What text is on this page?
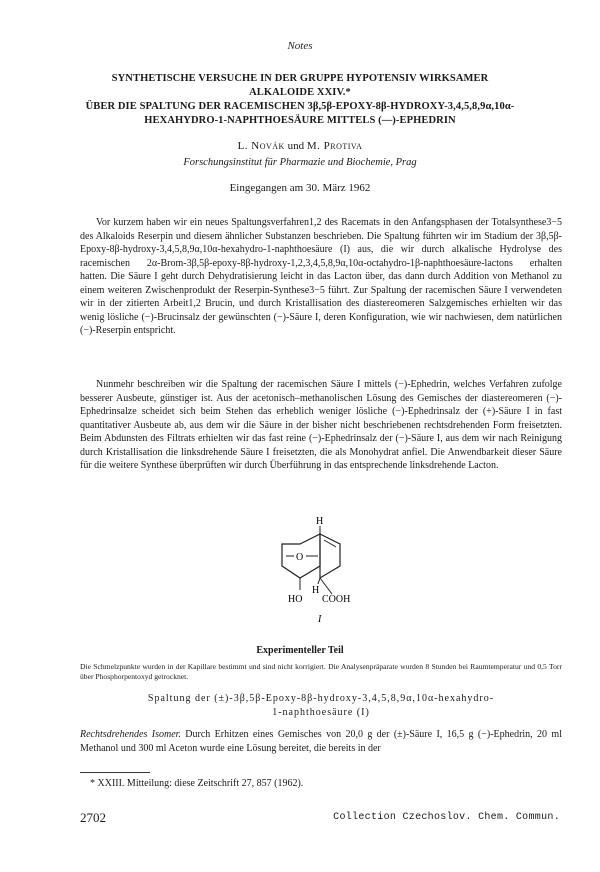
Notes
SYNTHETISCHE VERSUCHE IN DER GRUPPE HYPOTENSIV WIRKSAMER
ALKALOIDE XXIV.*
ÜBER DIE SPALTUNG DER RACEMISCHEN 3β,5β-EPOXY-8β-HYDROXY-3,4,5,8,9α,10α-
HEXAHYDRO-1-NAPHTHOESÄURE MITTELS (—)-EPHEDRIN
L. Novák und M. Protiva
Forschungsinstitut für Pharmazie und Biochemie, Prag
Eingegangen am 30. März 1962

Vor kurzem haben wir ein neues Spaltungsverfahren1,2 des Racemats in den Anfangsphasen der Totalsynthese3−5 des Alkaloids Reserpin und diesem ähnlicher Substanzen beschrieben. Die Spaltung führten wir im Stadium der 3β,5β-Epoxy-8β-hydroxy-3,4,5,8,9α,10α-hexahydro-1-naphthoesäure (I) aus, die wir durch alkalische Hydrolyse des racemischen 2α-Brom-3β,5β-epoxy-8β-hydroxy-1,2,3,4,5,8,9α,10α-octahydro-1β-naphthoesäure-lactons erhalten hatten. Die Säure I geht durch Dehydratisierung leicht in das Lacton über, das dann durch Addition von Methanol zu einem weiteren Zwischenprodukt der Reserpin-Synthese3−5 führt. Zur Spaltung der racemischen Säure I verwendeten wir in der zitierten Arbeit1,2 Brucin, und durch Kristallisation des diastereomeren Salzgemisches erhielten wir das wenig lösliche (−)-Brucinsalz der gewünschten (−)-Säure I, deren Konfiguration, wie wir nachwiesen, dem natürlichen (−)-Reserpin entspricht.

Nunmehr beschreiben wir die Spaltung der racemischen Säure I mittels (−)-Ephedrin, welches Verfahren zufolge besserer Ausbeute, günstiger ist. Aus der acetonisch–methanolischen Lösung des Gemisches der diastereomeren (−)-Ephedrinsalze scheidet sich beim Stehen das erheblich weniger lösliche (−)-Ephedrinsalz der (+)-Säure I in fast quantitativer Ausbeute ab, aus dem wir die Säure in der bisher nicht beschriebenen rechtsdrehenden Form freisetzten. Beim Abdunsten des Filtrats erhielten wir das fast reine (−)-Ephedrinsalz der (−)-Säure I, aus dem wir nach Reinigung durch Kristallisation die linksdrehende Säure I freisetzten, die als Monohydrat anfiel. Die Anwendbarkeit dieser Säure für die weitere Synthese überprüften wir durch Überführung in das entsprechende linksdrehende Lacton.

H
O
H
HO COOH
I
Experimenteller Teil
Die Schmelzpunkte wurden in der Kapillare bestimmt und sind nicht korrigiert. Die Analysenpräparate wurden 8 Stunden bei Raumtemperatur und 0,5 Torr über Phosphorpentoxyd getrocknet.
Spaltung der (±)-3β,5β-Epoxy-8β-hydroxy-3,4,5,8,9α,10α-hexahydro-
1-naphthoesäure (I)
Rechtsdrehendes Isomer. Durch Erhitzen eines Gemisches von 20,0 g der (±)-Säure I, 16,5 g (−)-Ephedrin, 20 ml Methanol und 300 ml Aceton wurde eine Lösung bereitet, die bereits in der
* XXIII. Mitteilung: diese Zeitschrift 27, 857 (1962).
2702	Collection Czechoslov. Chem. Commun.
